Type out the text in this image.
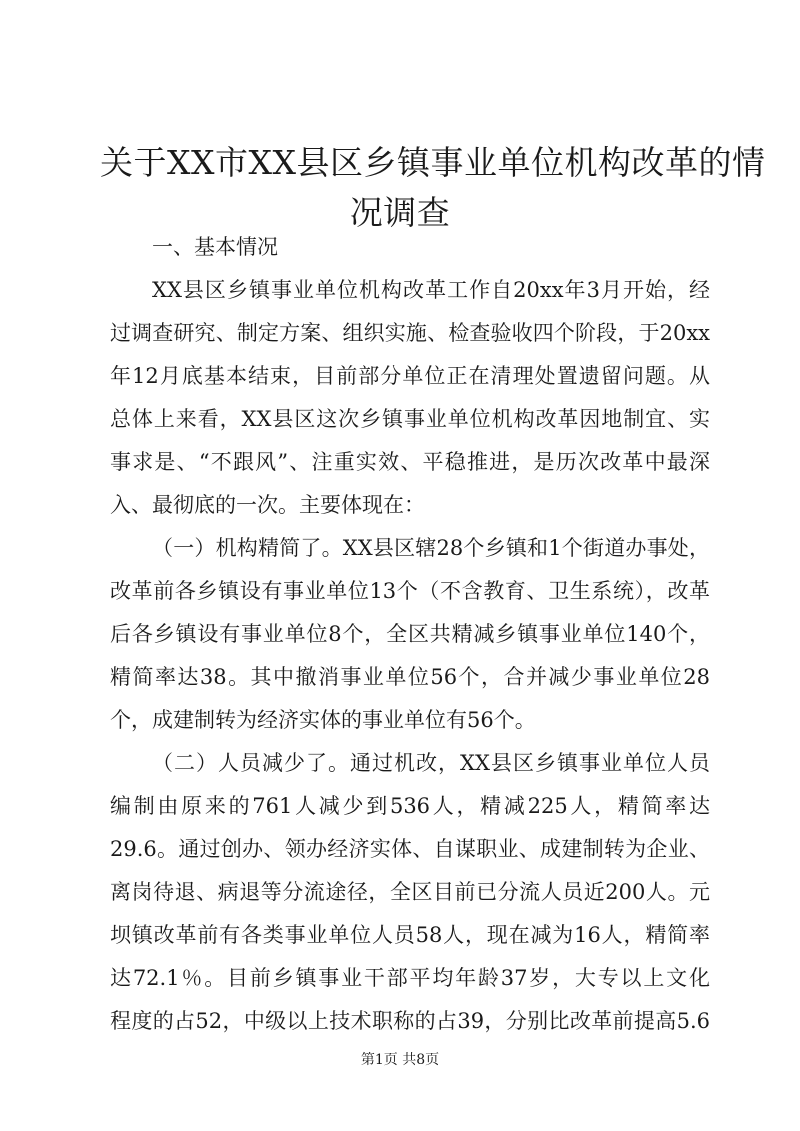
关于XX市XX县区乡镇事业单位机构改革的情
况调查
一、基本情况
XX县区乡镇事业单位机构改革工作自20xx年3月开始，经
过调查研究、制定方案、组织实施、检查验收四个阶段，于20xx
年12月底基本结束，目前部分单位正在清理处置遗留问题。从
总体上来看，XX县区这次乡镇事业单位机构改革因地制宜、实
事求是、“不跟风”、注重实效、平稳推进，是历次改革中最深
入、最彻底的一次。主要体现在：
（一）机构精简了。XX县区辖28个乡镇和1个街道办事处，
改革前各乡镇设有事业单位13个（不含教育、卫生系统），改革
后各乡镇设有事业单位8个，全区共精减乡镇事业单位140个，
精简率达38。其中撤消事业单位56个，合并减少事业单位28
个，成建制转为经济实体的事业单位有56个。
（二）人员减少了。通过机改，XX县区乡镇事业单位人员
编制由原来的761人减少到536人，精减225人，精简率达
29.6。通过创办、领办经济实体、自谋职业、成建制转为企业、
离岗待退、病退等分流途径，全区目前已分流人员近200人。元
坝镇改革前有各类事业单位人员58人，现在减为16人，精简率
达72.1％。目前乡镇事业干部平均年龄37岁，大专以上文化
程度的占52，中级以上技术职称的占39，分别比改革前提高5.6
第1页 共8页
